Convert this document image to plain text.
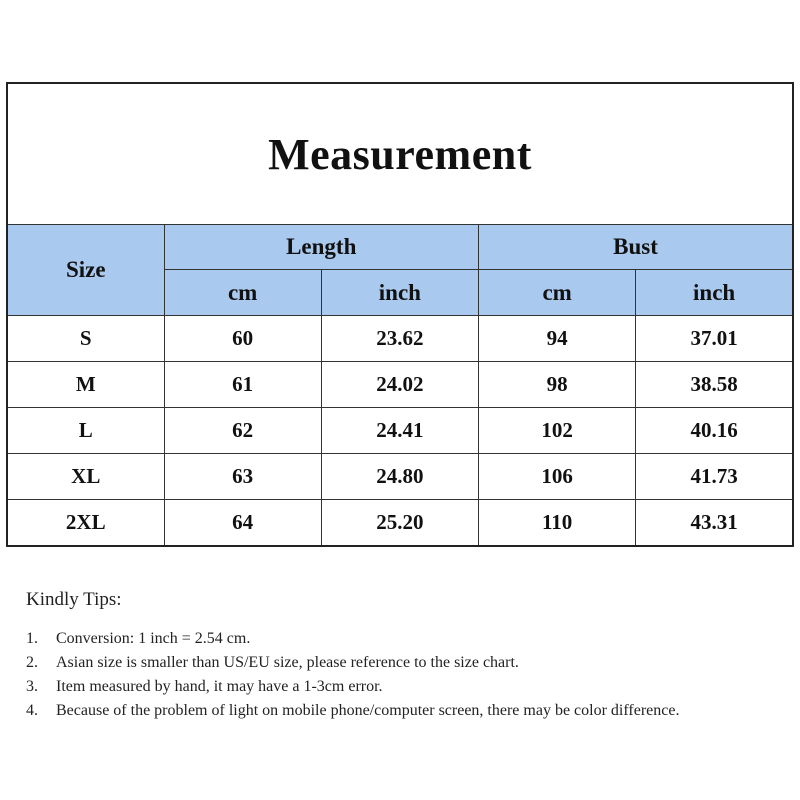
Measurement				
Size	Length		Bust	
	cm	inch	cm	inch
S	60	23.62	94	37.01
M	61	24.02	98	38.58
L	62	24.41	102	40.16
XL	63	24.80	106	41.73
2XL	64	25.20	110	43.31
Kindly Tips:
1.	Conversion: 1 inch = 2.54 cm.
2.	Asian size is smaller than US/EU size, please reference to the size chart.
3.	Item measured by hand, it may have a 1-3cm error.
4.	Because of the problem of light on mobile phone/computer screen, there may be color difference.
